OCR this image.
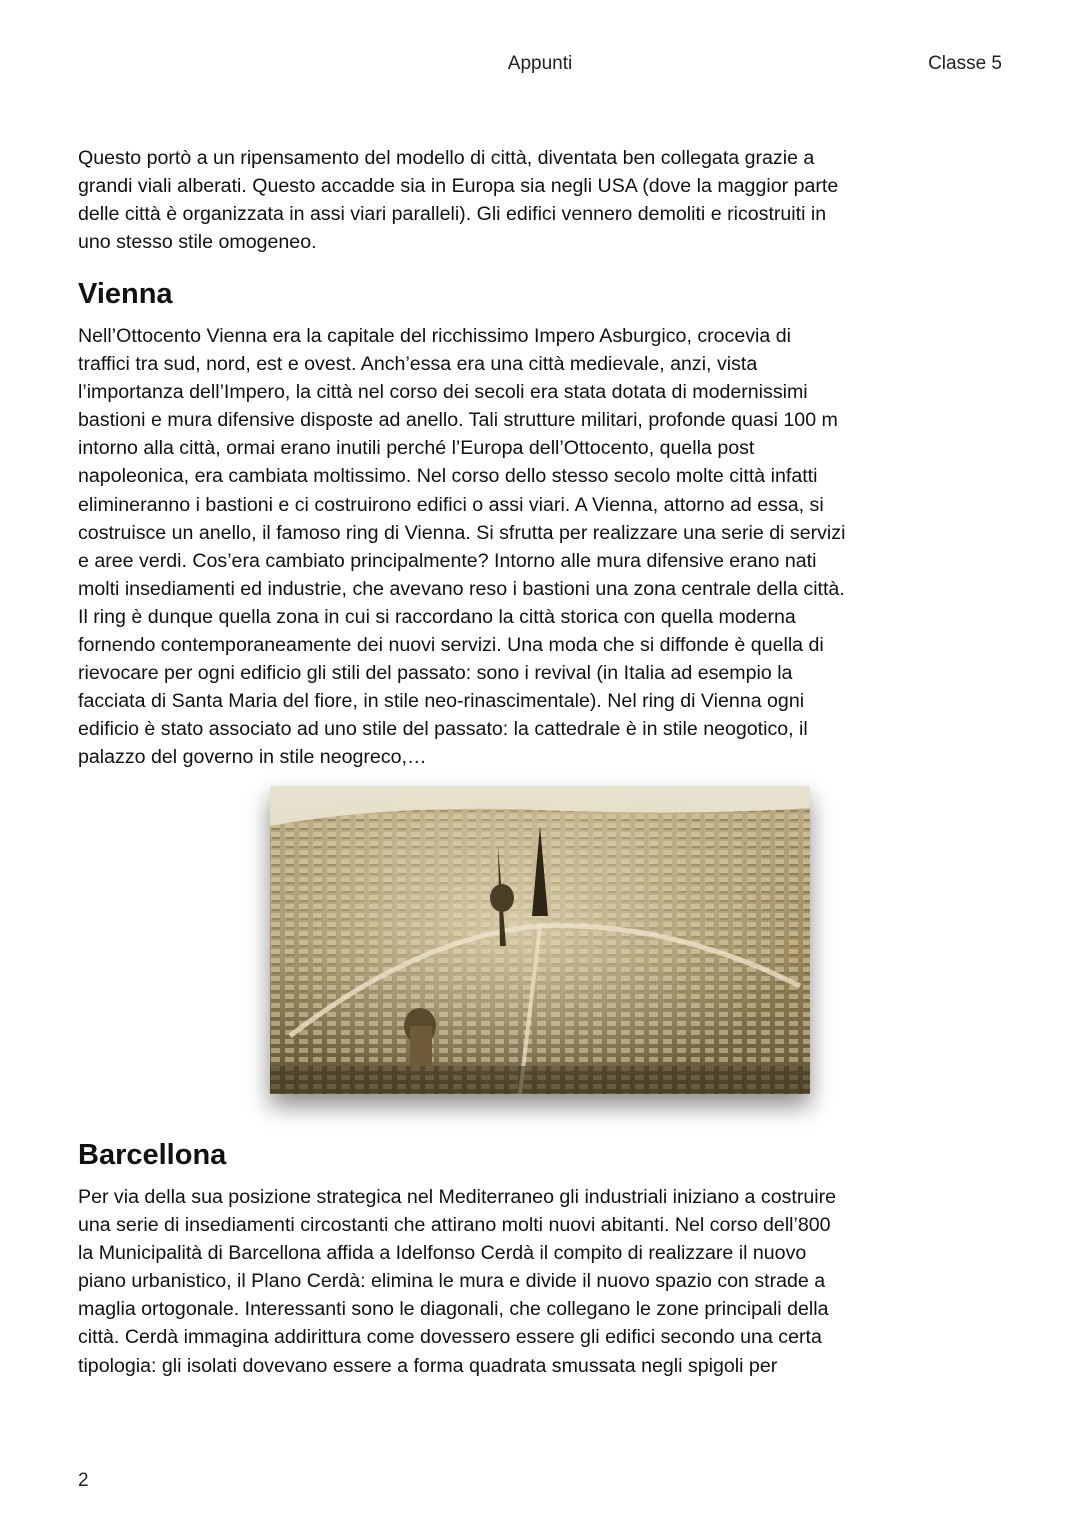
Appunti	Classe 5

Questo portò a un ripensamento del modello di città, diventata ben collegata grazie a
grandi viali alberati. Questo accadde sia in Europa sia negli USA (dove la maggior parte
delle città è organizzata in assi viari paralleli). Gli edifici vennero demoliti e ricostruiti in
uno stesso stile omogeneo.

Vienna

Nell’Ottocento Vienna era la capitale del ricchissimo Impero Asburgico, crocevia di
traffici tra sud, nord, est e ovest. Anch’essa era una città medievale, anzi, vista
l’importanza dell’Impero, la città nel corso dei secoli era stata dotata di modernissimi
bastioni e mura difensive disposte ad anello. Tali strutture militari, profonde quasi 100 m
intorno alla città, ormai erano inutili perché l’Europa dell’Ottocento, quella post
napoleonica, era cambiata moltissimo. Nel corso dello stesso secolo molte città infatti
elimineranno i bastioni e ci costruirono edifici o assi viari. A Vienna, attorno ad essa, si
costruisce un anello, il famoso ring di Vienna. Si sfrutta per realizzare una serie di servizi
e aree verdi. Cos’era cambiato principalmente? Intorno alle mura difensive erano nati
molti insediamenti ed industrie, che avevano reso i bastioni una zona centrale della città.
Il ring è dunque quella zona in cui si raccordano la città storica con quella moderna
fornendo contemporaneamente dei nuovi servizi. Una moda che si diffonde è quella di
rievocare per ogni edificio gli stili del passato: sono i revival (in Italia ad esempio la
facciata di Santa Maria del fiore, in stile neo-rinascimentale). Nel ring di Vienna ogni
edificio è stato associato ad uno stile del passato: la cattedrale è in stile neogotico, il
palazzo del governo in stile neogreco,…

Barcellona

Per via della sua posizione strategica nel Mediterraneo gli industriali iniziano a costruire
una serie di insediamenti circostanti che attirano molti nuovi abitanti. Nel corso dell’800
la Municipalità di Barcellona affida a Idelfonso Cerdà il compito di realizzare il nuovo
piano urbanistico, il Plano Cerdà: elimina le mura e divide il nuovo spazio con strade a
maglia ortogonale. Interessanti sono le diagonali, che collegano le zone principali della
città. Cerdà immagina addirittura come dovessero essere gli edifici secondo una certa
tipologia: gli isolati dovevano essere a forma quadrata smussata negli spigoli per

2
